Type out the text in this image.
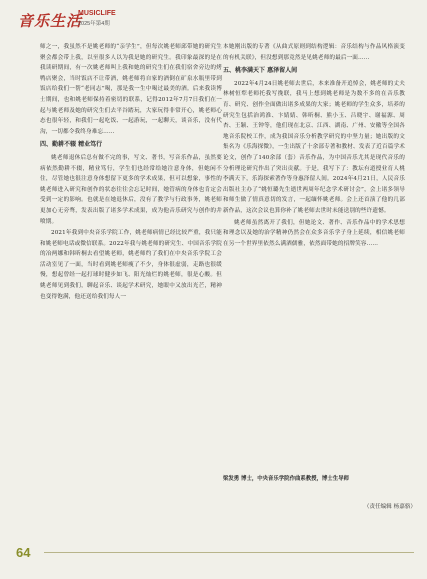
音乐生活
MUSICLIFE
2025年第4期

师之一，我虽然不是姚老师的“亲学生”，但每次姚老师邱带她的研究生聚会都会带上我，以至很多人以为我是她的研究生。我印象最深的是在我读研期间，有一次姚老师叫上我和她的研究生们在我们宿舍旁边的烤鸭店聚会，当时饭店不让带酒，姚老师将自家的酒倒在矿泉水瓶里带到饭店给我们一帮“老同志”喝，那是我一生中喝过最美的酒。后来我读博士期间，也和姚老师保持着密切的联系，记得2012年7月7日我们在一起与姚老师及她的研究生们去平谷踏玩，大家玩得非常开心，姚老师心态也很年轻，和我们一起吃饭、一起游玩，一起聊天，谈音乐，没有代沟，一切都令我终身难忘……

四、勤耕不辍 精业笃行

姚老师退休后总有做不完的事，写文、著书，写音乐作品，虽然要病依然勤耕不辍，精业笃行，学生们也经常给她注意身体，但她闲不住，尽管她也很注意身体想留下更多的学术成果，但可以想象，事性的姚老师进入研究和创作的状态往往会忘记时间，她管病的身体也肯定会受到一定的影响。也就是在她退休后，没有了教学与行政事务，姚老师更加心无旁骛，发表出版了诸多学术成果，成为他音乐研究与创作的井喷期。

2021年我到中央音乐学院工作，姚老师病情已经比较严重，我只能和姚老师电话或微信联系。2022年我与姚老师的研究生、中国音乐学院的冶两娜和韩昕桐去看望姚老师，姚老师约了我们在中央音乐学院工会活动室见了一面，当时看到姚老师瘦了不少，身体很虚弱，走路也很缓慢，想起曾经一起打球时健步如飞、阳光灿烂的姚老师，很是心酸。但姚老师见到我们，聊起音乐、谈起学术研究，她眼中又放出光芒，精神也变得饱满，他还送给我们每人一

本她刚出版的专著《从曲式原则到结构逻辑：音乐结构与作品风格演变的有机关联》，但没想到那竟然是见姚老师的最后一面……

五、桃李满天下 惠泽留人间

2022年4月24日姚老师去世后，本来准备开追悼会，姚老师的丈夫林树恒犁老师托我写挽联，我马上想到姚老师是为数不多的在音乐教育、研究、创作全面做出诸多成果的大家；姚老师的学生众多，培养的研究生包括治鸿淮、卞婧婧、韩昕桐、熊小玉、吕晓宇、谢福源、周杏、王颖、王钟等，他们现在北京、江西、湖南、广州、安徽等全国各地音乐院校工作，成为我国音乐分析教学研究的中坚力量；她出版的文集名为《乐海探微》，一生出版了十余部专著和教材、发表了近百篇学术论文，创作了140余部（套）音乐作品，为中国音乐尤其是现代音乐的分析理论研究作出了突出贡献。于是，我写下了：教坛有道授业育人桃李满天下，乐海探索著作等身惠泽留人间。2024年4月21日，人民音乐出版社主办了“姚恒璐先生逝世两周年纪念学术研讨会”，会上诸多领导和师生做了情真意切的发言，一起缅怀姚老师。会上还首演了他的几部新作品，这次会议也算你补了姚老师去世时未能送别的些许遗憾。

姚老师虽然离开了我们，但她论文、著作、音乐作品中的学术思想和理念以及她的治学精神仍然会在众多音乐学子身上延续，相信姚老师在另一个世界里依然么满洒儒雅，依然面带她的招牌笑容……

梁发勇 博士，中央音乐学院作曲系教授，博士生导师
（责任编辑 杨嘉骆）
64
